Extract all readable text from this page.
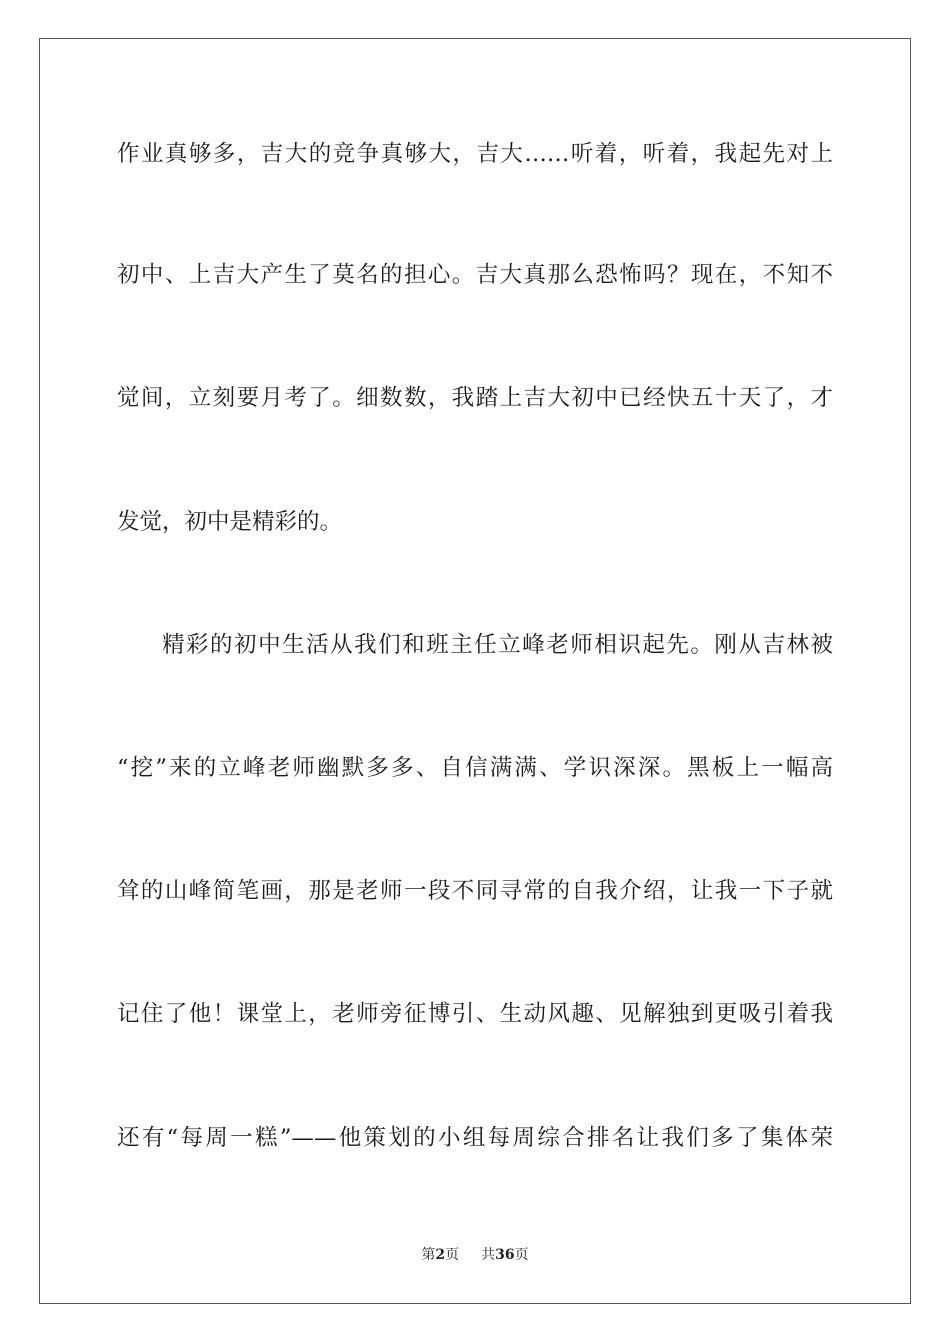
作业真够多，吉大的竞争真够大，吉大……听着，听着，我起先对上

初中、上吉大产生了莫名的担心。吉大真那么恐怖吗？现在，不知不

觉间，立刻要月考了。细数数，我踏上吉大初中已经快五十天了，才

发觉，初中是精彩的。

精彩的初中生活从我们和班主任立峰老师相识起先。刚从吉林被

“挖”来的立峰老师幽默多多、自信满满、学识深深。黑板上一幅高

耸的山峰简笔画，那是老师一段不同寻常的自我介绍，让我一下子就

记住了他！课堂上，老师旁征博引、生动风趣、见解独到更吸引着我

还有“每周一糕”——他策划的小组每周综合排名让我们多了集体荣

第2页 共36页
